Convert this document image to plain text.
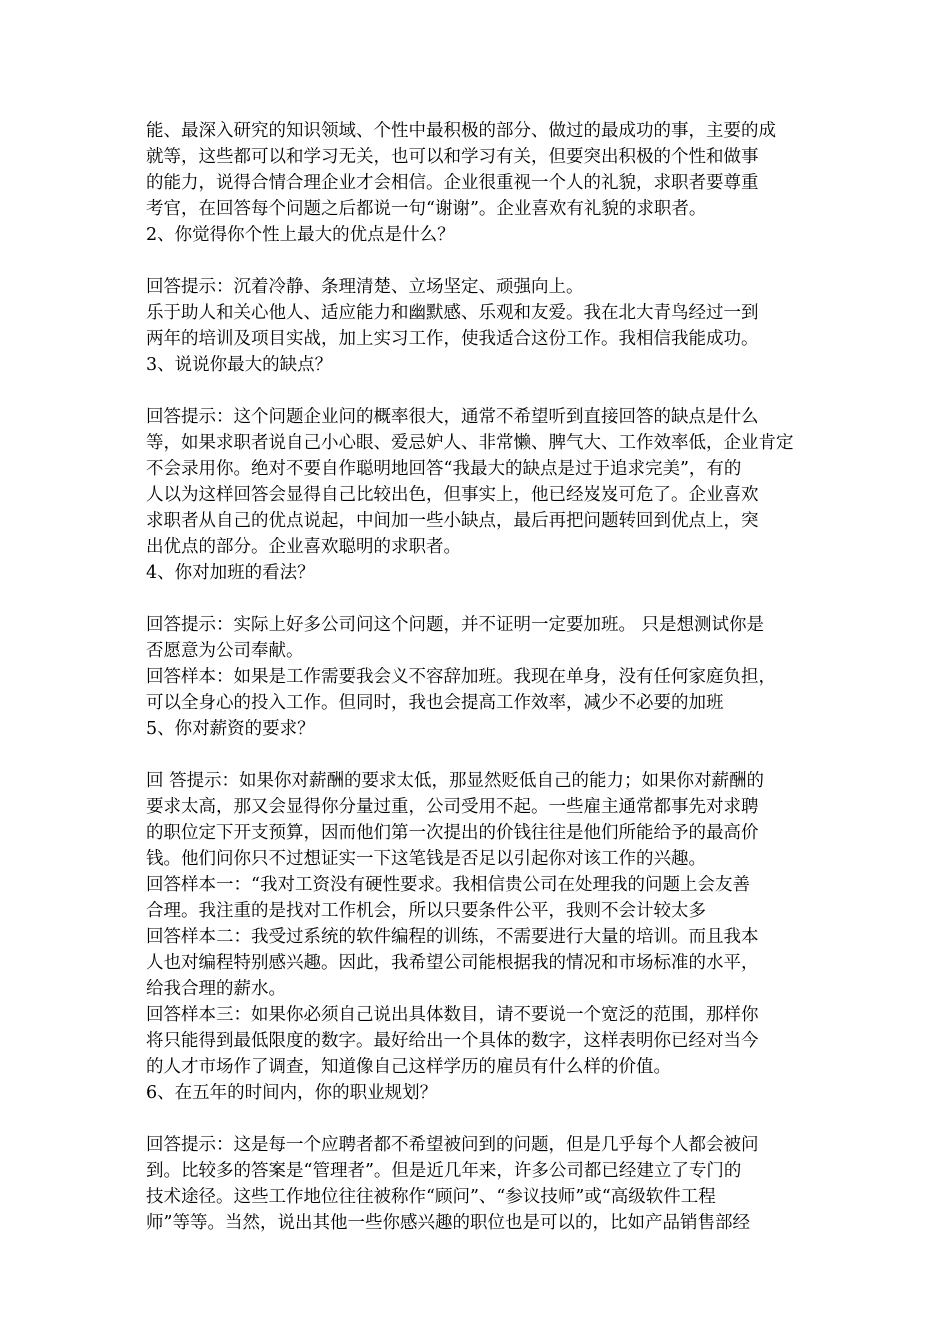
能、最深入研究的知识领域、个性中最积极的部分、做过的最成功的事，主要的成
就等，这些都可以和学习无关，也可以和学习有关，但要突出积极的个性和做事
的能力，说得合情合理企业才会相信。企业很重视一个人的礼貌，求职者要尊重
考官，在回答每个问题之后都说一句“谢谢”。企业喜欢有礼貌的求职者。
2、你觉得你个性上最大的优点是什么？
回答提示：沉着冷静、条理清楚、立场坚定、顽强向上。
乐于助人和关心他人、适应能力和幽默感、乐观和友爱。我在北大青鸟经过一到
两年的培训及项目实战，加上实习工作，使我适合这份工作。我相信我能成功。
3、说说你最大的缺点？
回答提示：这个问题企业问的概率很大，通常不希望听到直接回答的缺点是什么
等，如果求职者说自己小心眼、爱忌妒人、非常懒、脾气大、工作效率低，企业肯定
不会录用你。绝对不要自作聪明地回答“我最大的缺点是过于追求完美”，有的
人以为这样回答会显得自己比较出色，但事实上，他已经岌岌可危了。企业喜欢
求职者从自己的优点说起，中间加一些小缺点，最后再把问题转回到优点上，突
出优点的部分。企业喜欢聪明的求职者。
4、你对加班的看法？
回答提示：实际上好多公司问这个问题，并不证明一定要加班。 只是想测试你是
否愿意为公司奉献。
回答样本：如果是工作需要我会义不容辞加班。我现在单身，没有任何家庭负担，
可以全身心的投入工作。但同时，我也会提高工作效率，减少不必要的加班
5、你对薪资的要求？
回 答提示：如果你对薪酬的要求太低，那显然贬低自己的能力；如果你对薪酬的
要求太高，那又会显得你分量过重，公司受用不起。一些雇主通常都事先对求聘
的职位定下开支预算，因而他们第一次提出的价钱往往是他们所能给予的最高价
钱。他们问你只不过想证实一下这笔钱是否足以引起你对该工作的兴趣。
回答样本一：“我对工资没有硬性要求。我相信贵公司在处理我的问题上会友善
合理。我注重的是找对工作机会，所以只要条件公平，我则不会计较太多
回答样本二：我受过系统的软件编程的训练，不需要进行大量的培训。而且我本
人也对编程特别感兴趣。因此，我希望公司能根据我的情况和市场标准的水平，
给我合理的薪水。
回答样本三：如果你必须自己说出具体数目，请不要说一个宽泛的范围，那样你
将只能得到最低限度的数字。最好给出一个具体的数字，这样表明你已经对当今
的人才市场作了调查，知道像自己这样学历的雇员有什么样的价值。
6、在五年的时间内，你的职业规划？
回答提示：这是每一个应聘者都不希望被问到的问题，但是几乎每个人都会被问
到。比较多的答案是“管理者”。但是近几年来，许多公司都已经建立了专门的
技术途径。这些工作地位往往被称作“顾问”、“参议技师”或“高级软件工程
师”等等。当然，说出其他一些你感兴趣的职位也是可以的，比如产品销售部经
